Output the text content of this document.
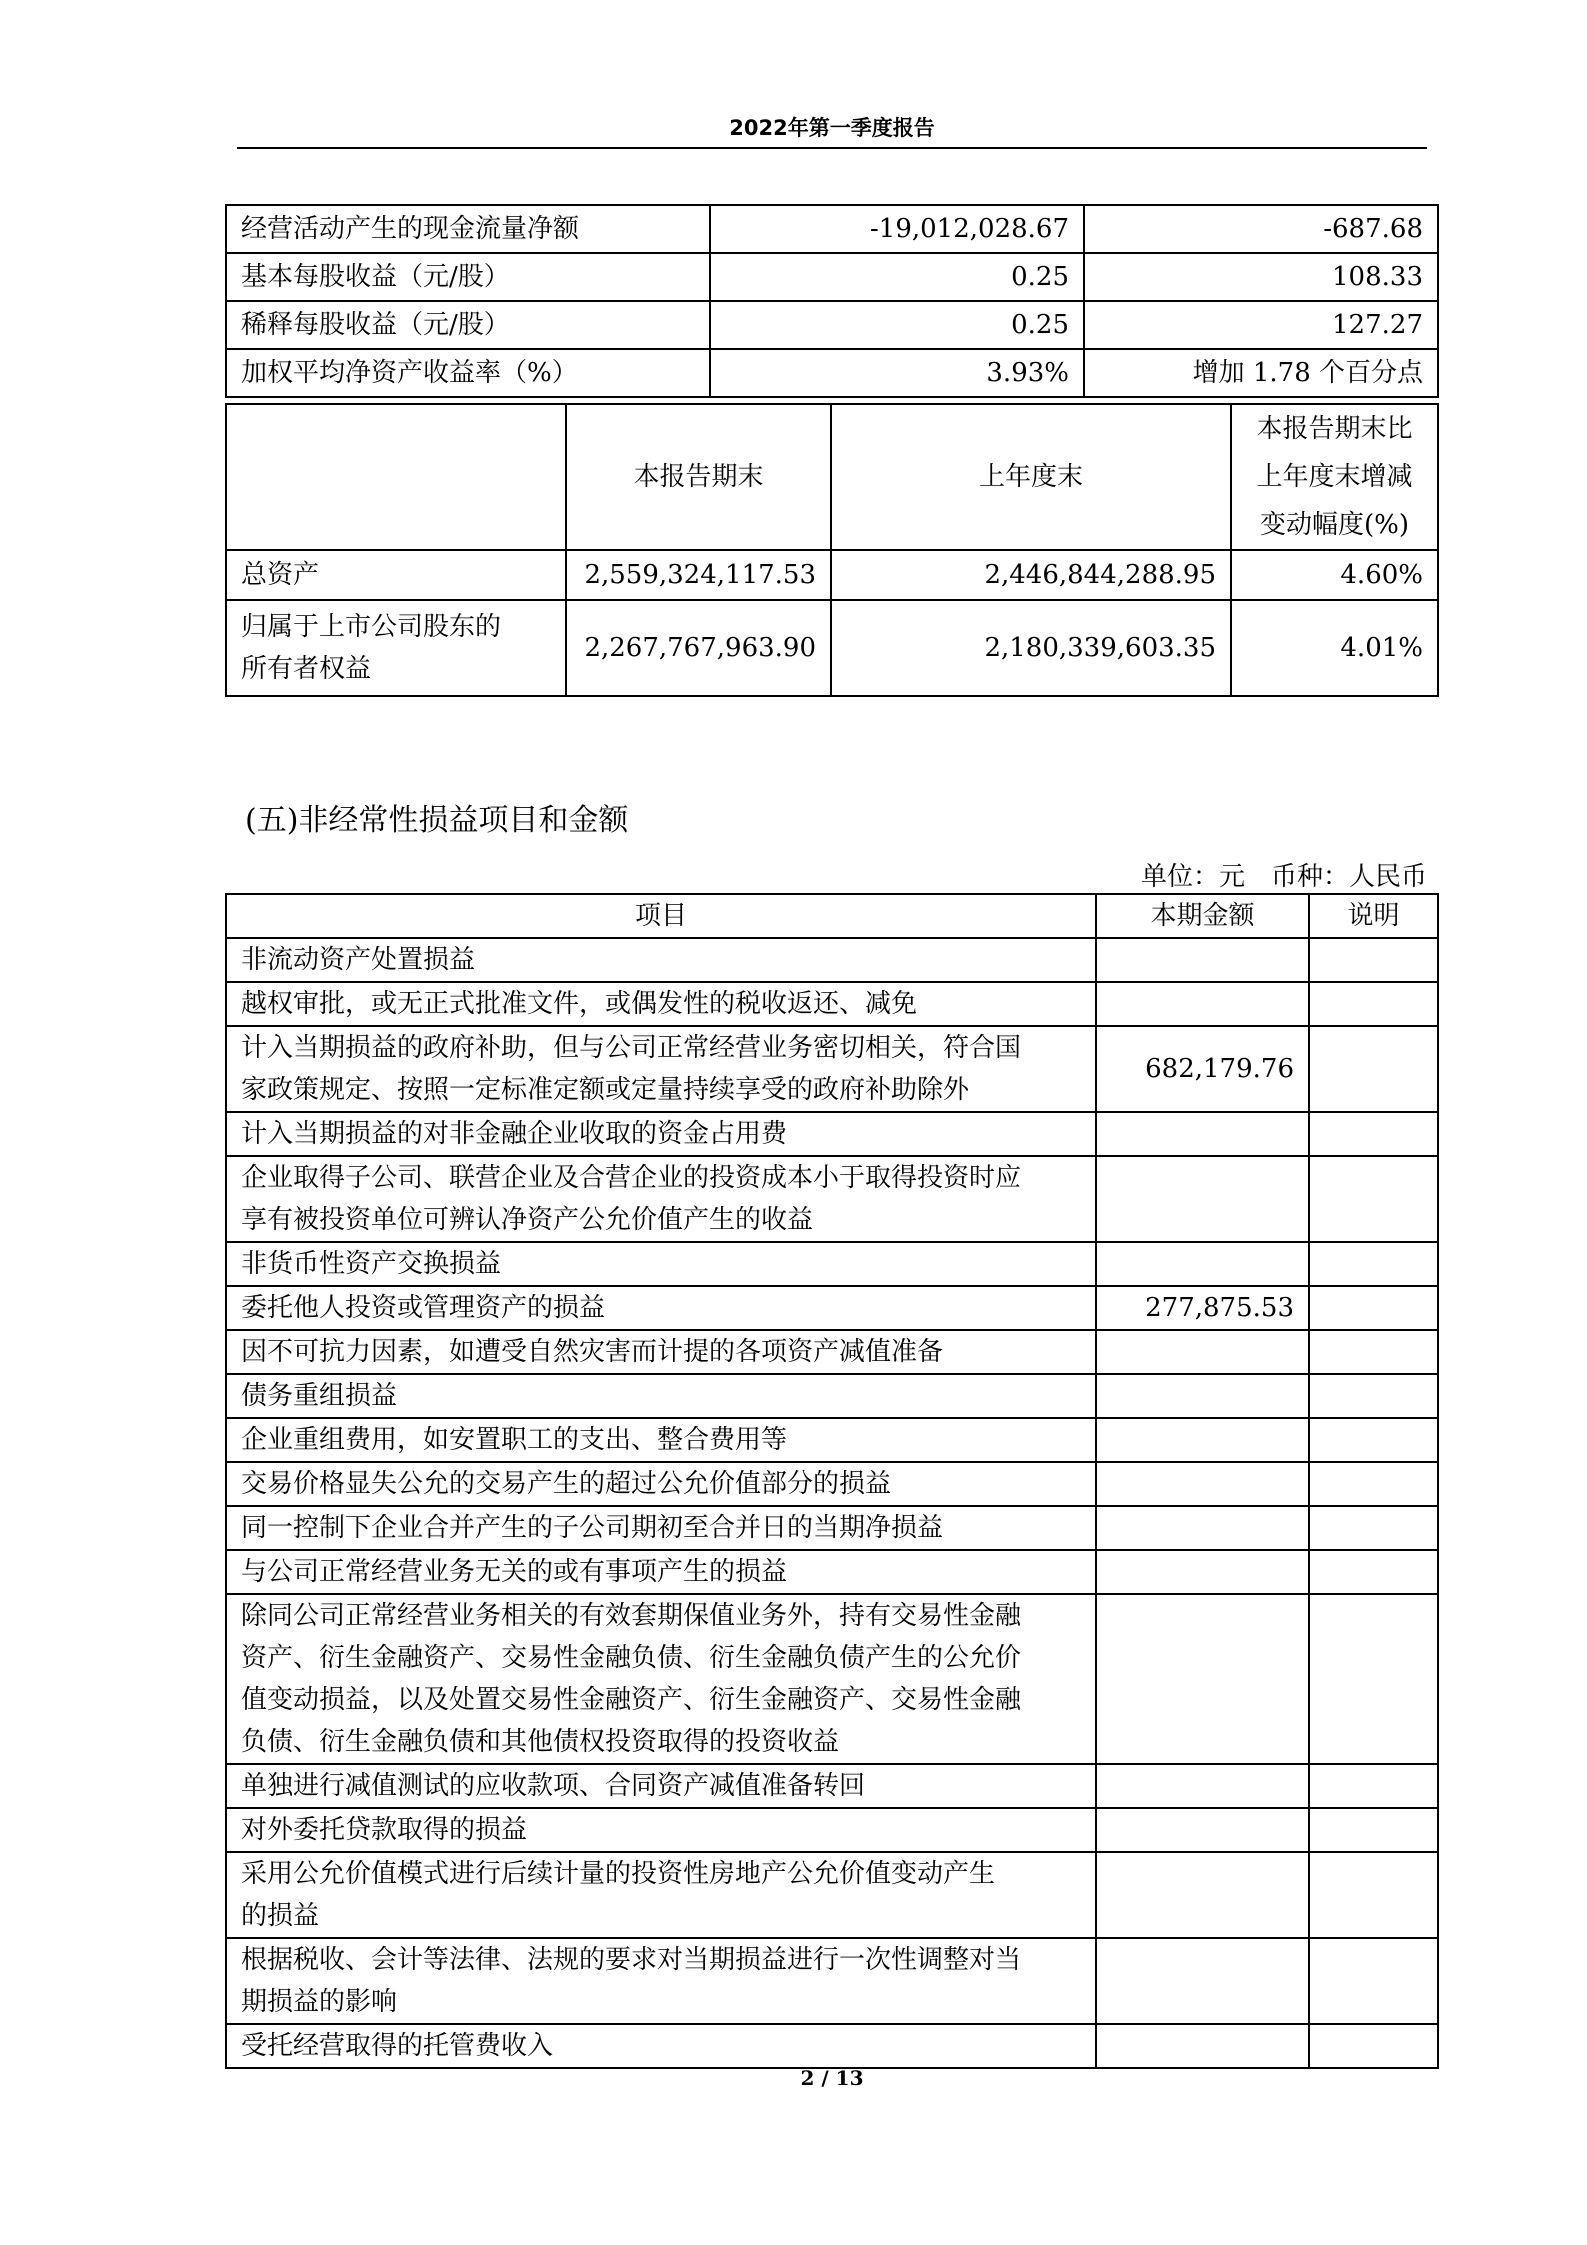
2022年第一季度报告
经营活动产生的现金流量净额	-19,012,028.67	-687.68
基本每股收益（元/股）	0.25	108.33
稀释每股收益（元/股）	0.25	127.27
加权平均净资产收益率（%）	3.93%	增加 1.78 个百分点
	本报告期末	上年度末	本报告期末比
上年度末增减
变动幅度(%)

总资产	2,559,324,117.53	2,446,844,288.95	4.60%

归属于上市公司股东的
所有者权益	2,267,767,963.90	2,180,339,603.35	4.01%
(五)非经常性损益项目和金额
单位：元　币种：人民币
项目	本期金额	说明

非流动资产处置损益		

越权审批，或无正式批准文件，或偶发性的税收返还、减免		

计入当期损益的政府补助，但与公司正常经营业务密切相关，符合国
家政策规定、按照一定标准定额或定量持续享受的政府补助除外	682,179.76	

计入当期损益的对非金融企业收取的资金占用费		

企业取得子公司、联营企业及合营企业的投资成本小于取得投资时应
享有被投资单位可辨认净资产公允价值产生的收益		

非货币性资产交换损益		

委托他人投资或管理资产的损益	277,875.53	

因不可抗力因素，如遭受自然灾害而计提的各项资产减值准备		

债务重组损益		

企业重组费用，如安置职工的支出、整合费用等		

交易价格显失公允的交易产生的超过公允价值部分的损益		

同一控制下企业合并产生的子公司期初至合并日的当期净损益		

与公司正常经营业务无关的或有事项产生的损益		

除同公司正常经营业务相关的有效套期保值业务外，持有交易性金融
资产、衍生金融资产、交易性金融负债、衍生金融负债产生的公允价
值变动损益，以及处置交易性金融资产、衍生金融资产、交易性金融
负债、衍生金融负债和其他债权投资取得的投资收益		

单独进行减值测试的应收款项、合同资产减值准备转回		

对外委托贷款取得的损益		

采用公允价值模式进行后续计量的投资性房地产公允价值变动产生
的损益		

根据税收、会计等法律、法规的要求对当期损益进行一次性调整对当
期损益的影响		

受托经营取得的托管费收入		

2 / 13
